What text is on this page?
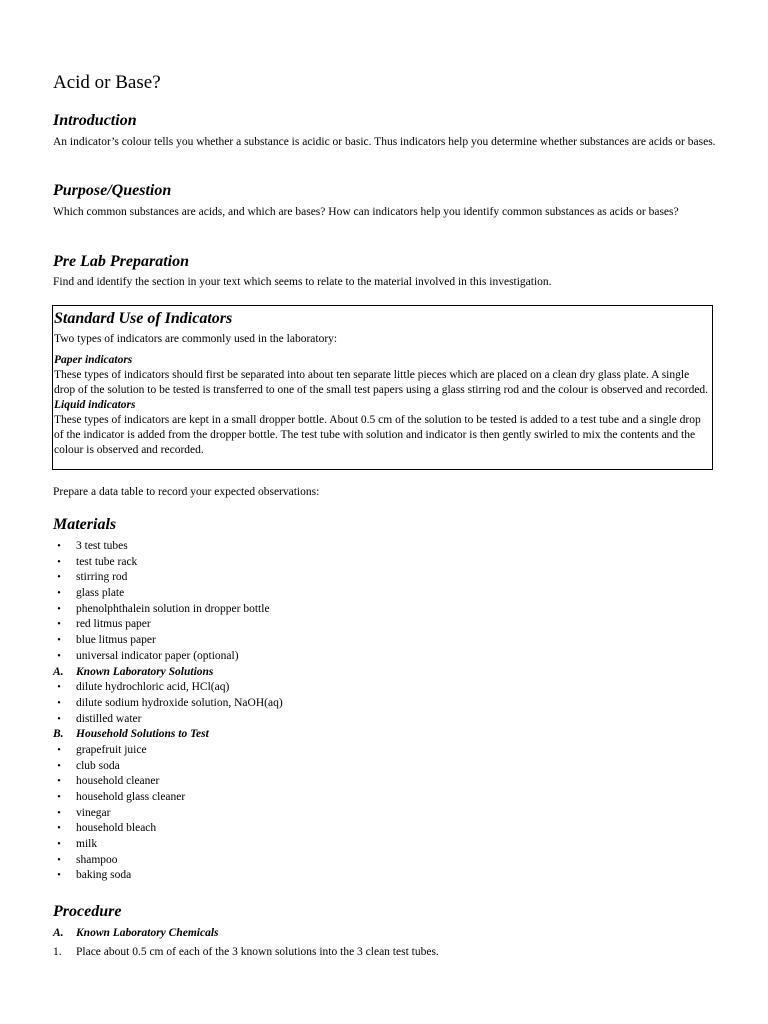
Acid or Base?
Introduction

An indicator’s colour tells you whether a substance is acidic or basic. Thus indicators help you determine whether substances are acids or bases.

Purpose/Question

Which common substances are acids, and which are bases? How can indicators help you identify common substances as acids or bases?

Pre Lab Preparation

Find and identify the section in your text which seems to relate to the material involved in this investigation.

Standard Use of Indicators

Two types of indicators are commonly used in the laboratory:

Paper indicators

These types of indicators should first be separated into about ten separate little pieces which are placed on a clean dry glass plate. A single drop of the solution to be tested is transferred to one of the small test papers using a glass stirring rod and the colour is observed and recorded.

Liquid indicators

These types of indicators are kept in a small dropper bottle. About 0.5 cm of the solution to be tested is added to a test tube and a single drop of the indicator is added from the dropper bottle. The test tube with solution and indicator is then gently swirled to mix the contents and the colour is observed and recorded.

Prepare a data table to record your expected observations:

Materials
•	3 test tubes
•	test tube rack
•	stirring rod
•	glass plate
•	phenolphthalein solution in dropper bottle
•	red litmus paper
•	blue litmus paper
•	universal indicator paper (optional)
A. Known Laboratory Solutions
•	dilute hydrochloric acid, HCl(aq)
•	dilute sodium hydroxide solution, NaOH(aq)
•	distilled water
B. Household Solutions to Test
•	grapefruit juice
•	club soda
•	household cleaner
•	household glass cleaner
•	vinegar
•	household bleach
•	milk
•	shampoo
•	baking soda
Procedure
A. Known Laboratory Chemicals
1. Place about 0.5 cm of each of the 3 known solutions into the 3 clean test tubes.
